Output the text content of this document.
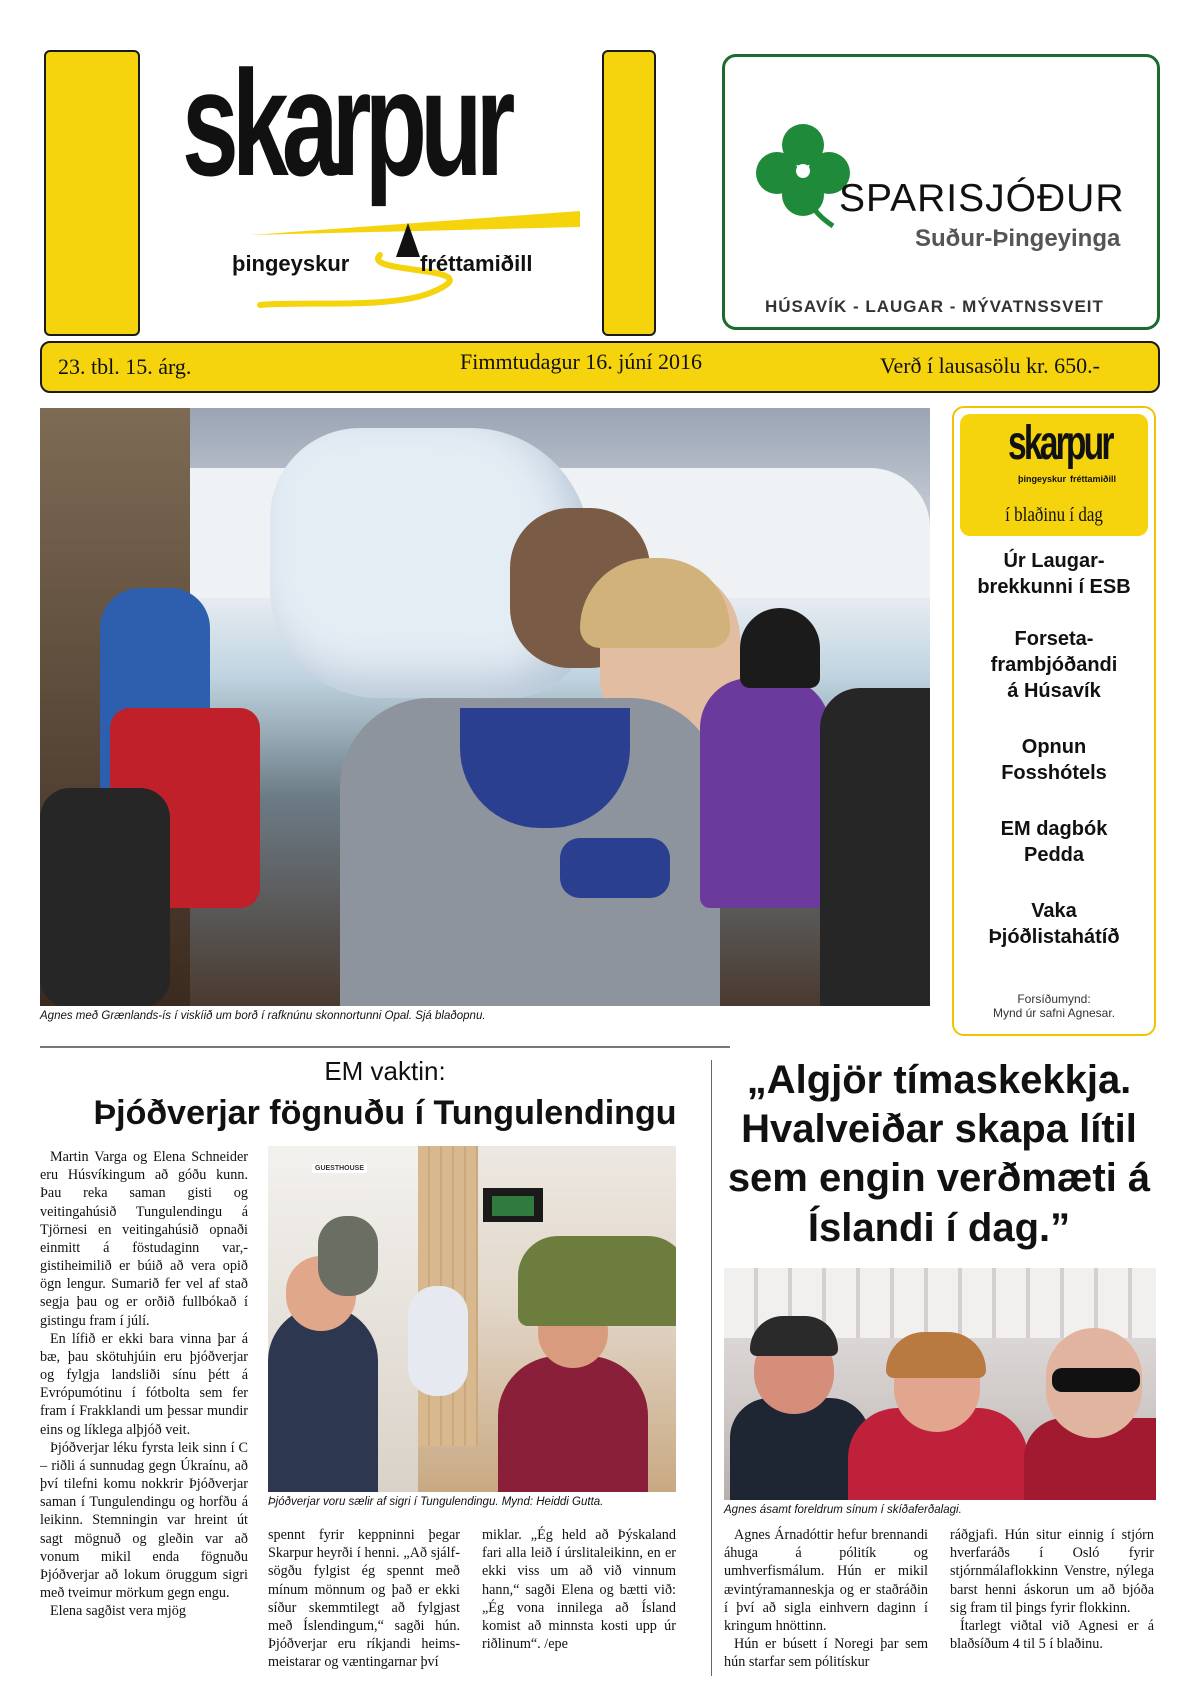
skarpur
þingeyskur	fréttamiðill
SPARISJÓÐUR
Suður-Þingeyinga
HÚSAVÍK - LAUGAR - MÝVATNSSVEIT
23. tbl. 15. árg.	Fimmtudagur 16. júní 2016	Verð í lausasölu kr. 650.-
Agnes með Grænlands-ís í viskíið um borð í rafknúnu skonnortunni Opal. Sjá blaðopnu.
skarpur
þingeyskur fréttamiðill
í blaðinu í dag
Úr Laugar-
brekkunni í ESB
Forseta-
frambjóðandi
á Húsavík
Opnun
Fosshótels
EM dagbók
Pedda
Vaka
Þjóðlistahátíð
Forsíðumynd:
Mynd úr safni Agnesar.
EM vaktin:
Þjóðverjar fögnuðu í Tungulendingu

Martin Varga og Elena Schneider eru Húsvíkingum að góðu kunn. Þau reka saman gisti og veitingahúsið Tungulendingu á Tjörnesi en veitingahúsið opnaði einmitt á föstudaginn var,- gistiheimilið er búið að vera opið ögn lengur. Sumarið fer vel af stað segja þau og er orðið fullbókað í gistingu fram í júlí.

En lífið er ekki bara vinna þar á bæ, þau skötuhjúin eru þjóðverjar og fylgja landsliði sínu þétt á Evrópumótinu í fótbolta sem fer fram í Frakklandi um þessar mundir eins og líklega alþjóð veit.

Þjóðverjar léku fyrsta leik sinn í C – riðli á sunnudag gegn Úkraínu, að því tilefni komu nokkrir Þjóðverjar saman í Tungulendingu og horfðu á leikinn. Stemningin var hreint út sagt mögnuð og gleðin var að vonum mikil enda fögnuðu Þjóðverjar að lokum öruggum sigri með tveimur mörkum gegn engu.

Elena sagðist vera mjög

GUESTHOUSE
Þjóðverjar voru sælir af sigri í Tungulendingu. Mynd: Heiddi Gutta.

spennt fyrir keppninni þegar Skarpur heyrði í henni. „Að sjálf-sögðu fylgist ég spennt með mínum mönnum og það er ekki síður skemmtilegt að fylgjast með Íslendingum,“ sagði hún. Þjóðverjar eru ríkjandi heims-meistarar og væntingarnar því

miklar. „Ég held að Þýskaland fari alla leið í úrslitaleikinn, en er ekki viss um að við vinnum hann,“ sagði Elena og bætti við: „Ég vona innilega að Ísland komist að minnsta kosti upp úr riðlinum“. /epe

„Algjör tímaskekkja. Hvalveiðar skapa lítil sem engin verðmæti á Íslandi í dag.”
Agnes ásamt foreldrum sínum í skíðaferðalagi.

Agnes Árnadóttir hefur brennandi áhuga á pólitík og umhverfismálum. Hún er mikil ævintýramanneskja og er staðráðin í því að sigla einhvern daginn í kringum hnöttinn.

Hún er búsett í Noregi þar sem hún starfar sem pólitískur

ráðgjafi. Hún situr einnig í stjórn hverfaráðs í Osló fyrir stjórnmálaflokkinn Venstre, nýlega barst henni áskorun um að bjóða sig fram til þings fyrir flokkinn.

Ítarlegt viðtal við Agnesi er á blaðsíðum 4 til 5 í blaðinu.
